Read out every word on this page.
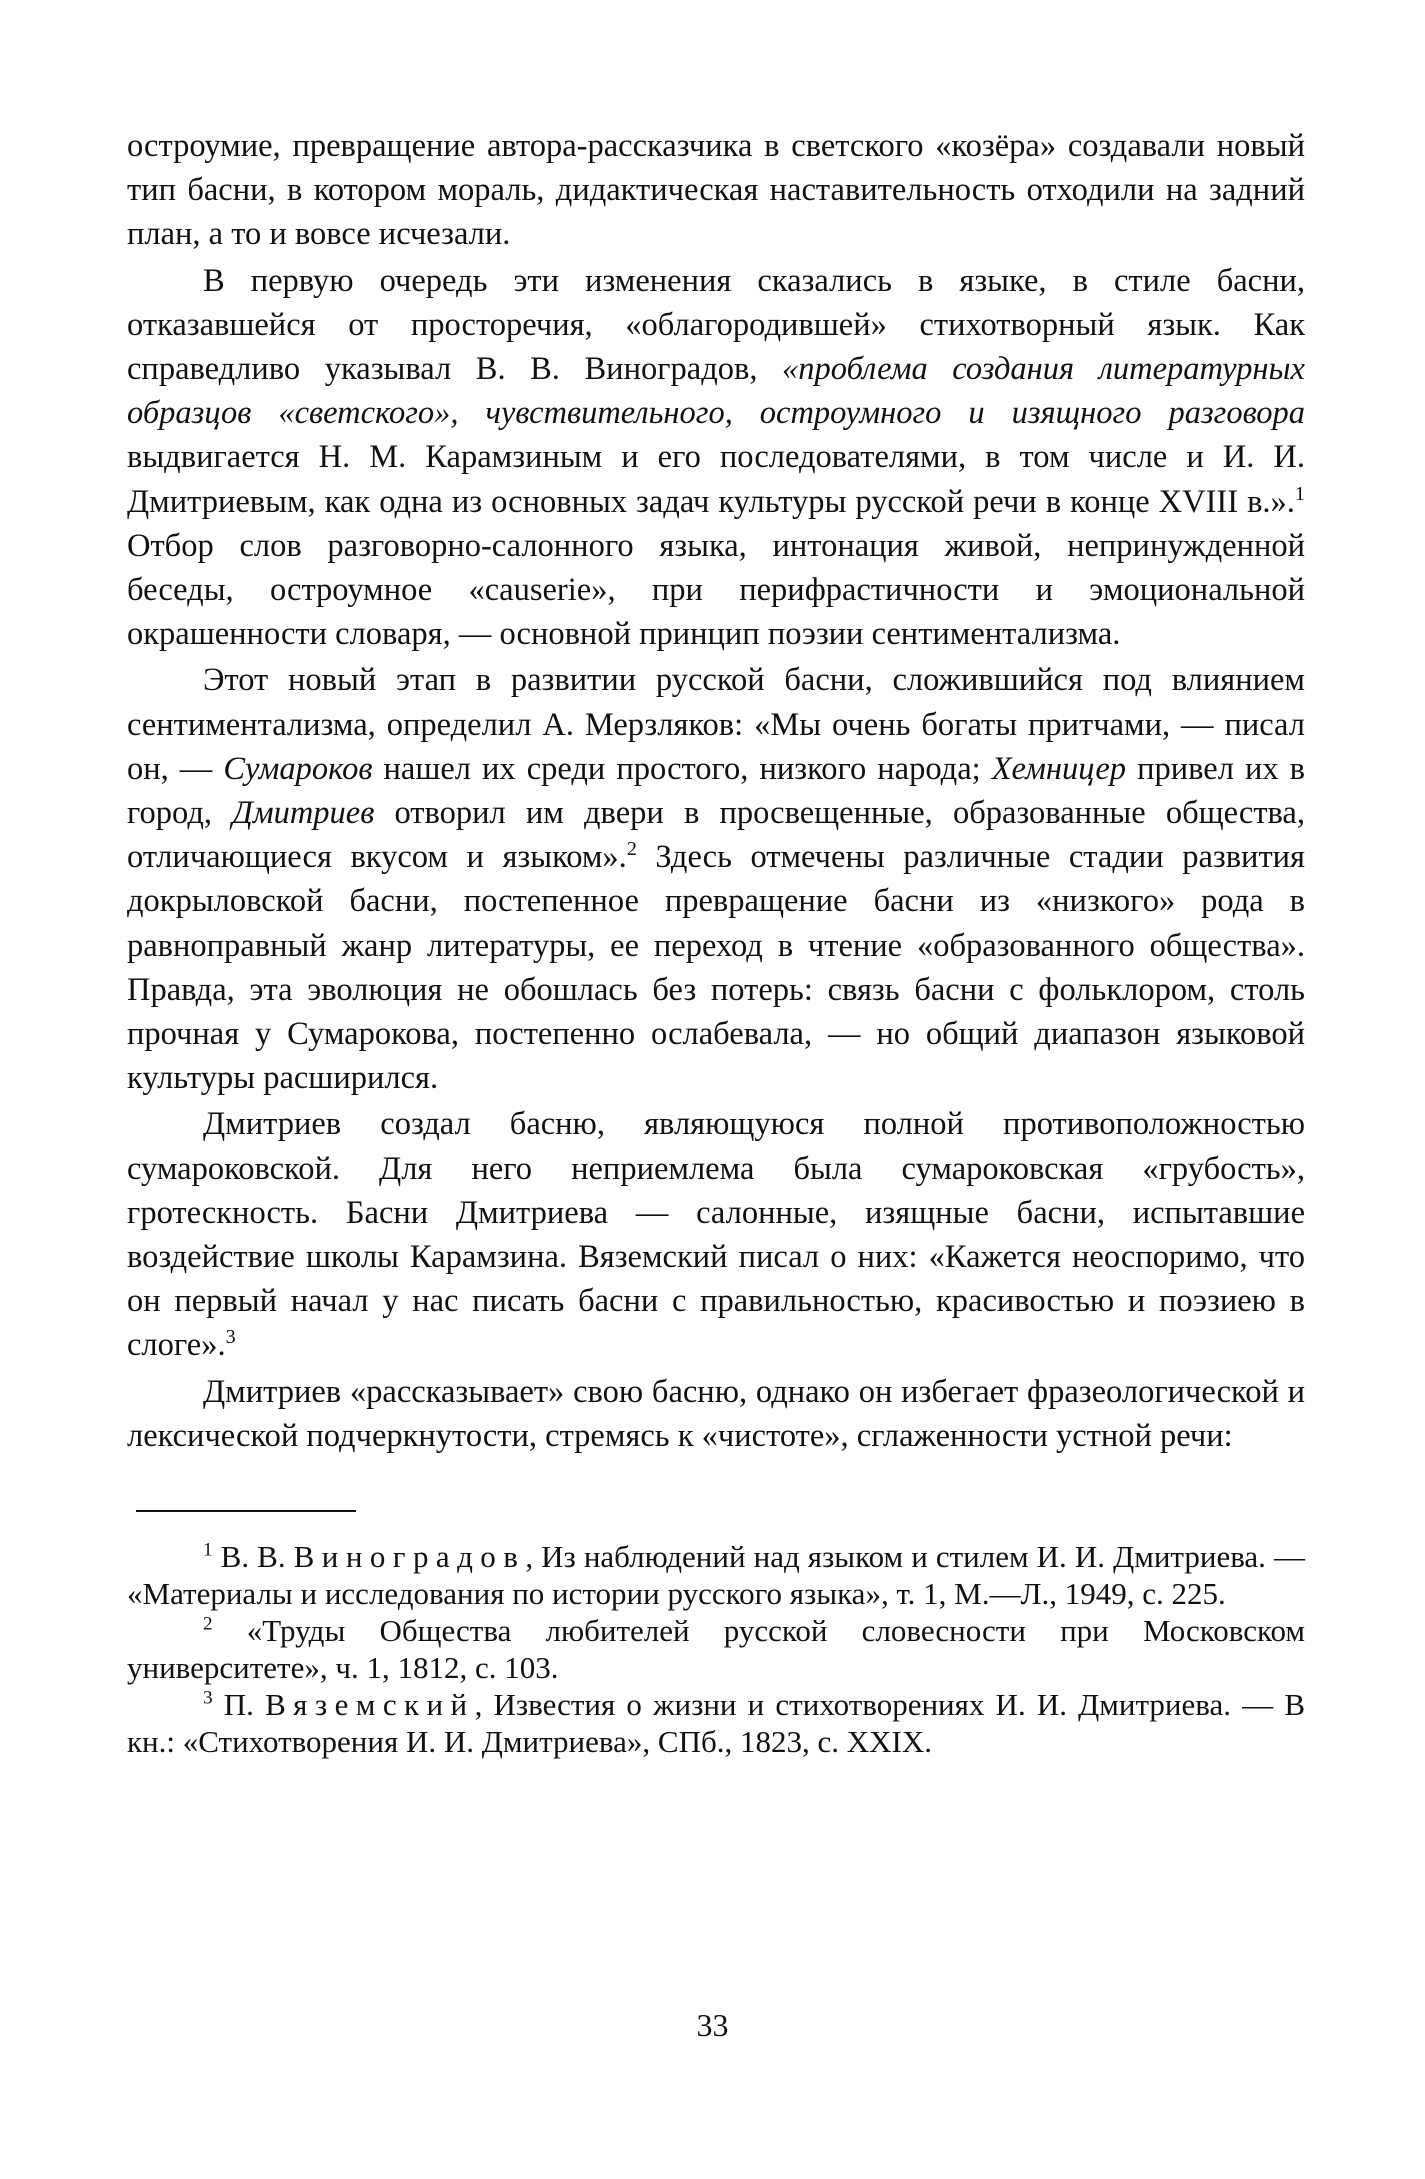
остроумие, превращение автора-рассказчика в светского «козёра» создавали новый тип басни, в котором мораль, дидактическая наставительность отходили на задний план, а то и вовсе исчезали.

В первую очередь эти изменения сказались в языке, в стиле басни, отказавшейся от просторечия, «облагородившей» стихотворный язык. Как справедливо указывал В. В. Виноградов, «проблема создания литературных образцов «светского», чувствительного, остроумного и изящного разговора выдвигается Н. М. Карамзиным и его последователями, в том числе и И. И. Дмитриевым, как одна из основных задач культуры русской речи в конце XVIII в.».$^1$ Отбор слов разговорно-салонного языка, интонация живой, непринужденной беседы, остроумное «causerie», при перифрастичности и эмоциональной окрашенности словаря, — основной принцип поэзии сентиментализма.

Этот новый этап в развитии русской басни, сложившийся под влиянием сентиментализма, определил А. Мерзляков: «Мы очень богаты притчами, — писал он, — Сумароков нашел их среди простого, низкого народа; Хемницер привел их в город, Дмитриев отворил им двери в просвещенные, образованные общества, отличающиеся вкусом и языком».$^2$ Здесь отмечены различные стадии развития докрыловской басни, постепенное превращение басни из «низкого» рода в равноправный жанр литературы, ее переход в чтение «образованного общества». Правда, эта эволюция не обошлась без потерь: связь басни с фольклором, столь прочная у Сумарокова, постепенно ослабевала, — но общий диапазон языковой культуры расширился.

Дмитриев создал басню, являющуюся полной противоположностью сумароковской. Для него неприемлема была сумароковская «грубость», гротескность. Басни Дмитриева — салонные, изящные басни, испытавшие воздействие школы Карамзина. Вяземский писал о них: «Кажется неоспоримо, что он первый начал у нас писать басни с правильностью, красивостью и поэзиею в слоге».$^3$

Дмитриев «рассказывает» свою басню, однако он избегает фразеологической и лексической подчеркнутости, стремясь к «чистоте», сглаженности устной речи:

$^1$ В. В. Виноградов, Из наблюдений над языком и стилем И. И. Дмитриева. — «Материалы и исследования по истории русского языка», т. 1, М.—Л., 1949, с. 225.

$^2$ «Труды Общества любителей русской словесности при Московском университете», ч. 1, 1812, с. 103.

$^3$ П. Вяземский, Известия о жизни и стихотворениях И. И. Дмитриева. — В кн.: «Стихотворения И. И. Дмитриева», СПб., 1823, с. XXIX.

33
